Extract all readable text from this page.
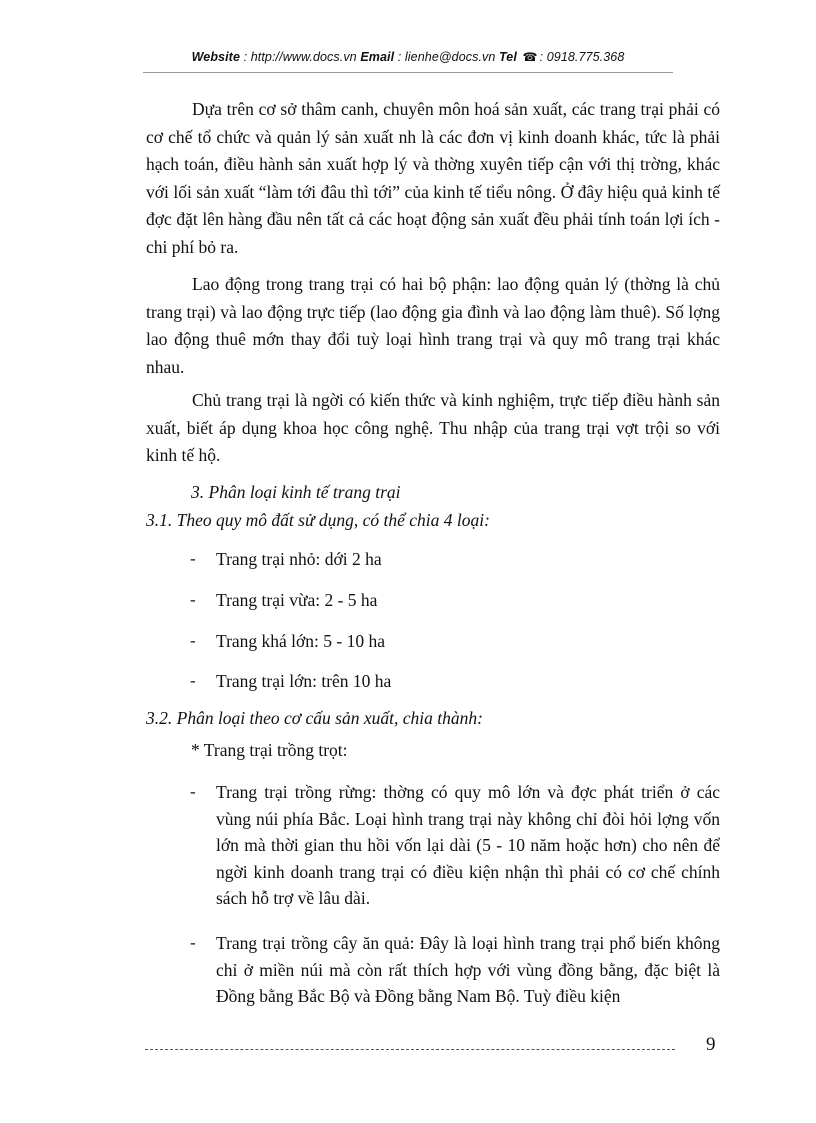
Website : http://www.docs.vn Email : lienhe@docs.vn Tel ☎ : 0918.775.368

Dựa trên cơ sở thâm canh, chuyên môn hoá sản xuất, các trang trại phải có cơ chế tổ chức và quản lý sản xuất nh là các đơn vị kinh doanh khác, tức là phải hạch toán, điều hành sản xuất hợp lý và thờng xuyên tiếp cận với thị trờng, khác với lối sản xuất “làm tới đâu thì tới” của kinh tế tiểu nông. Ở đây hiệu quả kinh tế đợc đặt lên hàng đầu nên tất cả các hoạt động sản xuất đều phải tính toán lợi ích - chi phí bỏ ra.

Lao động trong trang trại có hai bộ phận: lao động quản lý (thờng là chủ trang trại) và lao động trực tiếp (lao động gia đình và lao động làm thuê). Số lợng lao động thuê mớn thay đổi tuỳ loại hình trang trại và quy mô trang trại khác nhau.

Chủ trang trại là ngời có kiến thức và kinh nghiệm, trực tiếp điều hành sản xuất, biết áp dụng khoa học công nghệ. Thu nhập của trang trại vợt trội so với kinh tế hộ.

3. Phân loại kinh tế trang trại

3.1. Theo quy mô đất sử dụng, có thể chia 4 loại:

- Trang trại nhỏ: dới 2 ha

- Trang trại vừa: 2 - 5 ha

- Trang khá lớn: 5 - 10 ha

- Trang trại lớn: trên 10 ha

3.2. Phân loại theo cơ cấu sản xuất, chia thành:

* Trang trại trồng trọt:

- Trang trại trồng rừng: thờng có quy mô lớn và đợc phát triển ở các vùng núi phía Bắc. Loại hình trang trại này không chỉ đòi hỏi lợng vốn lớn mà thời gian thu hồi vốn lại dài (5 - 10 năm hoặc hơn) cho nên để ngời kinh doanh trang trại có điều kiện nhận thì phải có cơ chế chính sách hỗ trợ về lâu dài.

- Trang trại trồng cây ăn quả: Đây là loại hình trang trại phổ biến không chỉ ở miền núi mà còn rất thích hợp với vùng đồng bằng, đặc biệt là Đồng bằng Bắc Bộ và Đồng bằng Nam Bộ. Tuỳ điều kiện

9
